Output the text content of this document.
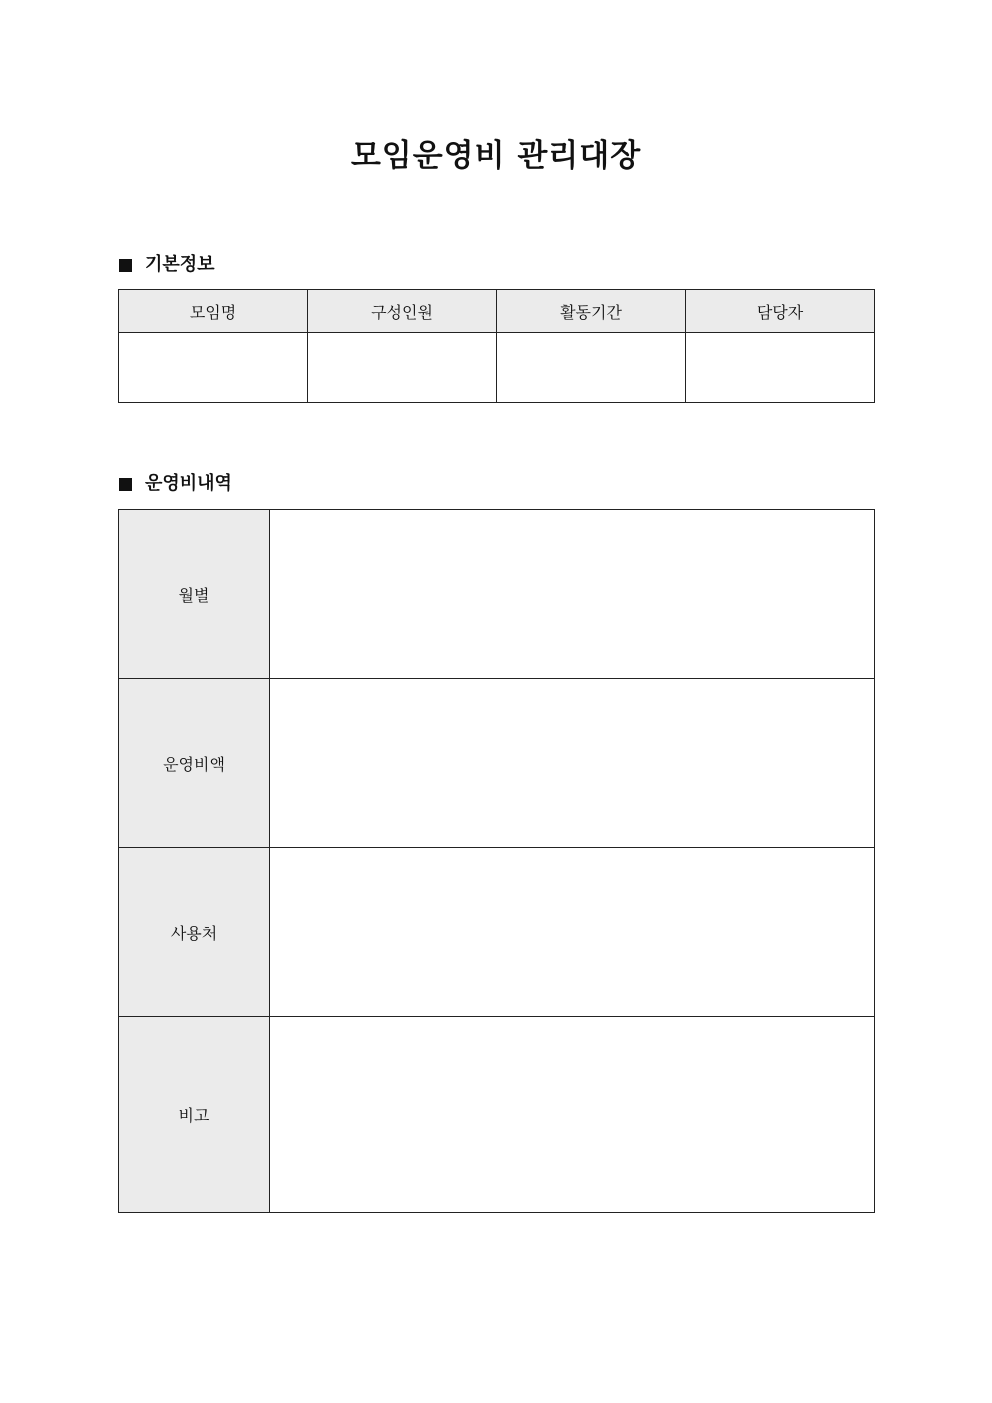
모임운영비 관리대장
기본정보
모임명	구성인원	활동기간	담당자

운영비내역
월별	
운영비액	
사용처	
비고	
